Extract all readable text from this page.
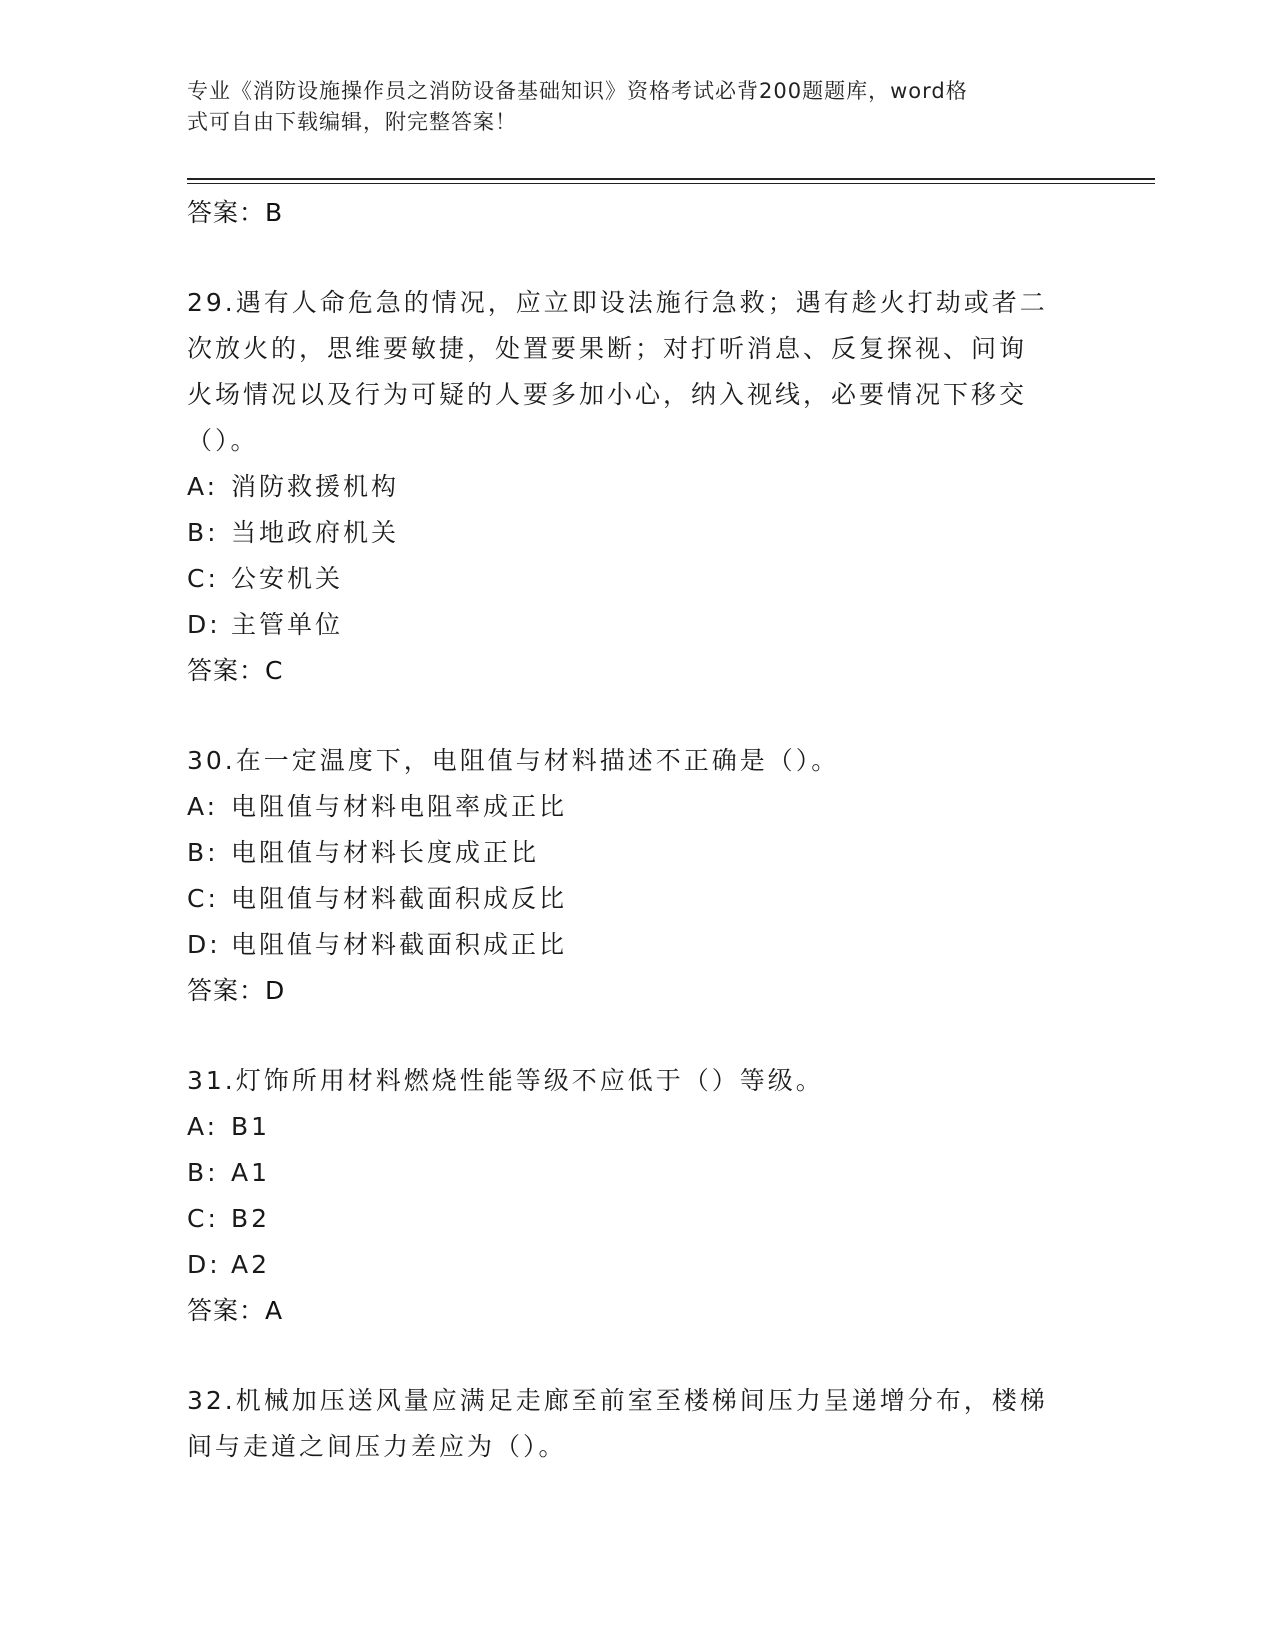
专业《消防设施操作员之消防设备基础知识》资格考试必背200题题库，word格
式可自由下载编辑，附完整答案！
答案：B
29.遇有人命危急的情况，应立即设法施行急救；遇有趁火打劫或者二
次放火的，思维要敏捷，处置要果断；对打听消息、反复探视、问询
火场情况以及行为可疑的人要多加小心，纳入视线，必要情况下移交
（）。
A: 消防救援机构
B: 当地政府机关
C: 公安机关
D: 主管单位
答案：C
30.在一定温度下，电阻值与材料描述不正确是（）。
A: 电阻值与材料电阻率成正比
B: 电阻值与材料长度成正比
C: 电阻值与材料截面积成反比
D: 电阻值与材料截面积成正比
答案：D
31.灯饰所用材料燃烧性能等级不应低于（）等级。
A: B1
B: A1
C: B2
D: A2
答案：A
32.机械加压送风量应满足走廊至前室至楼梯间压力呈递增分布，楼梯
间与走道之间压力差应为（）。
